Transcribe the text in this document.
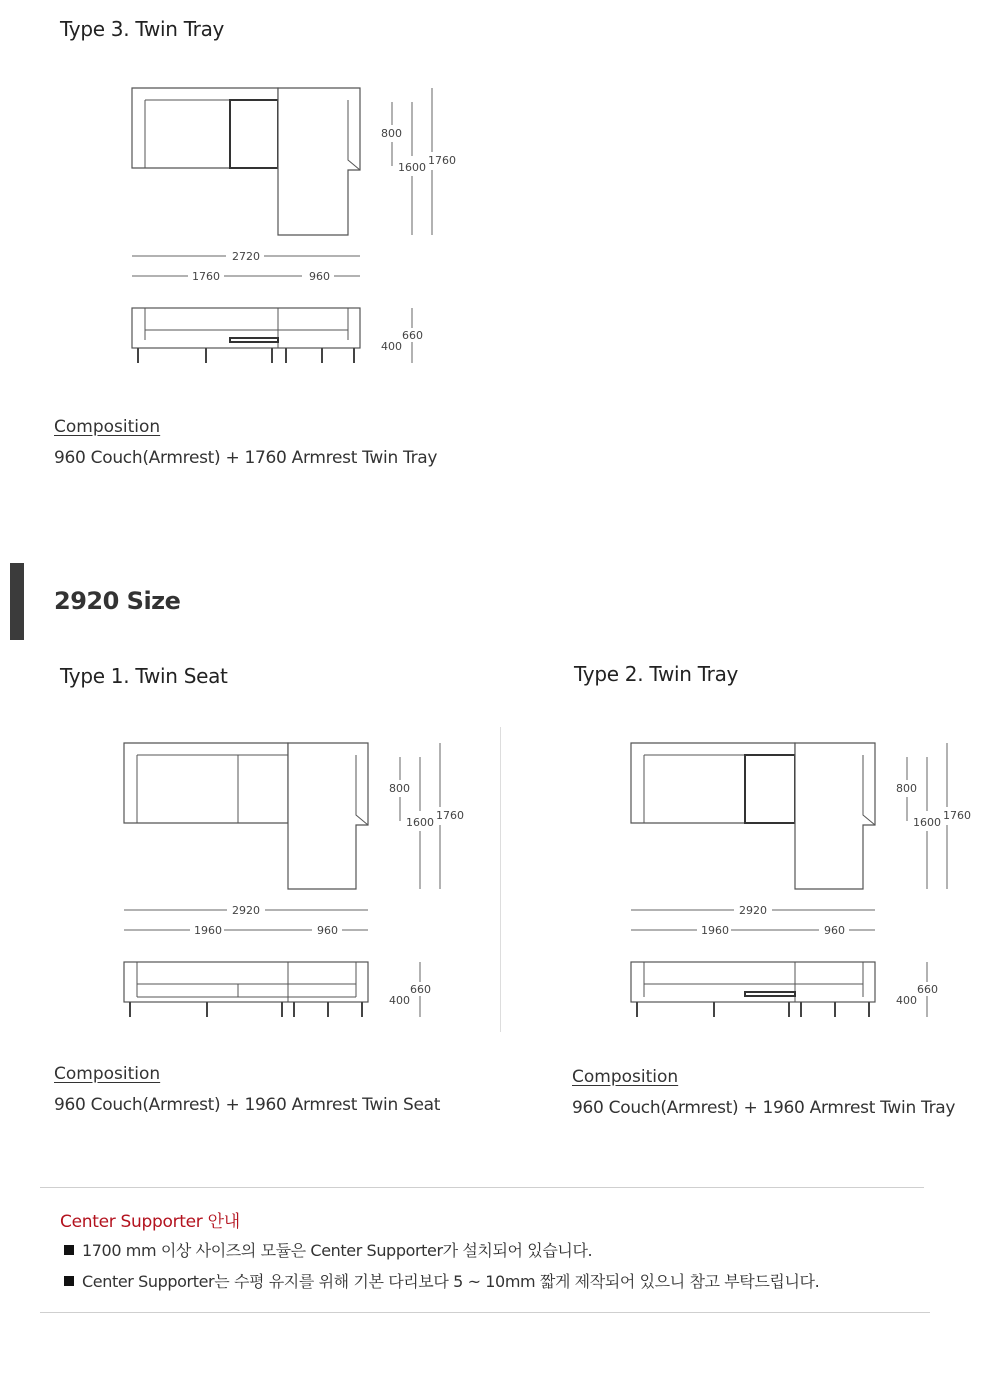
Type 3. Twin Tray
800
1600
1760
2720
1760	960
660
400
Composition
960 Couch(Armrest) + 1760 Armrest Twin Tray
2920 Size
Type 1. Twin Seat	Type 2. Twin Tray
800
1600
1760
2920
1960	960
660
400
800
1600
1760
2920
1960	960
660
400
Composition
960 Couch(Armrest) + 1960 Armrest Twin Seat
Composition
960 Couch(Armrest) + 1960 Armrest Twin Tray
Center Supporter 안내
1700 mm 이상 사이즈의 모듈은 Center Supporter가 설치되어 있습니다.
Center Supporter는 수평 유지를 위해 기본 다리보다 5 ~ 10mm 짧게 제작되어 있으니 참고 부탁드립니다.
